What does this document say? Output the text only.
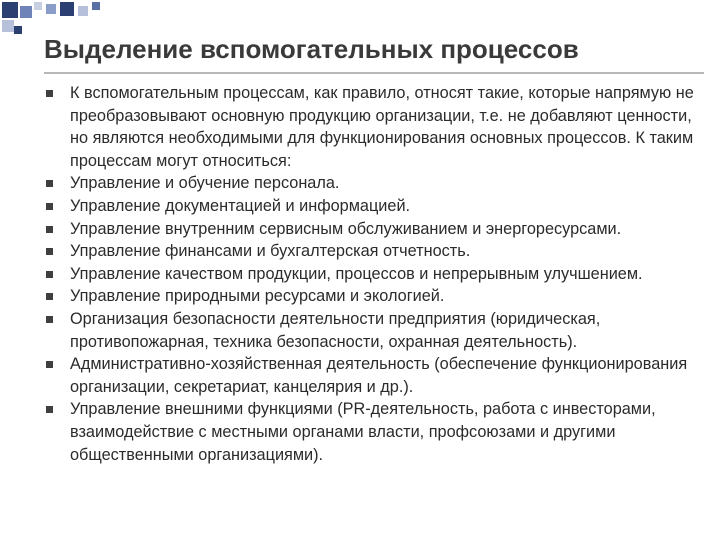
Выделение вспомогательных процессов
К вспомогательным процессам, как правило, относят такие, которые напрямую не преобразовывают основную продукцию организации, т.е. не добавляют ценности, но являются необходимыми для функционирования основных процессов. К таким процессам могут относиться:
Управление и обучение персонала.
Управление документацией и информацией.
Управление внутренним сервисным обслуживанием и энергоресурсами.
Управление финансами и бухгалтерская отчетность.
Управление качеством продукции, процессов и непрерывным улучшением.
Управление природными ресурсами и экологией.
Организация безопасности деятельности предприятия (юридическая, противопожарная, техника безопасности, охранная деятельность).
Административно-хозяйственная деятельность (обеспечение функционирования организации, секретариат, канцелярия и др.).
Управление внешними функциями (PR-деятельность, работа с инвесторами, взаимодействие с местными органами власти, профсоюзами и другими общественными организациями).
